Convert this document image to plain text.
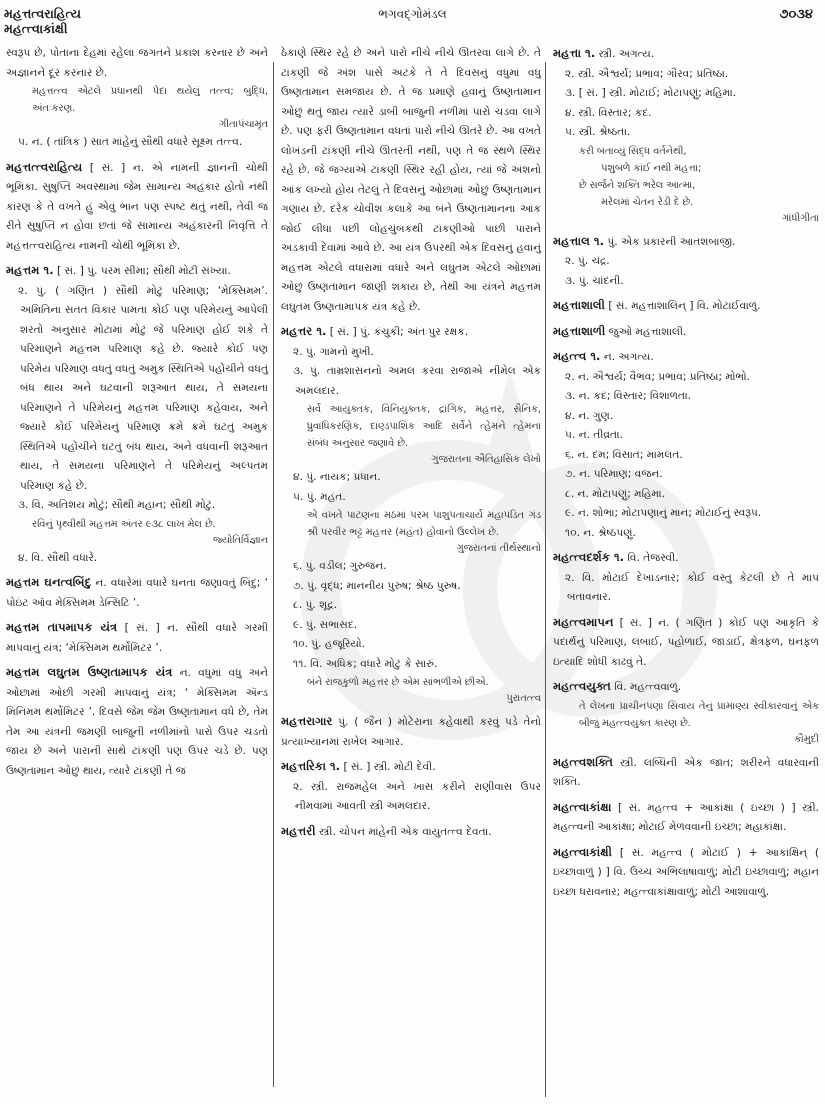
મહત્તત્વરાહિત્ય
મહત્ત્વાકાંક્ષી
ભગવદ્ગોમંડલ	૭૦૩૪
સ્વરૂપ છે, પોતાના દેહમાં રહેલા જગતને પ્રકાશ કરનાર છે અને અજ્ઞાનને દૂર કરનાર છે.
મહત્તત્ત્વ એટલે પ્રધાનથી પેદા થયેલું તત્ત્વ; બુદ્ધિ, અંતઃકરણ.
ગીતાપંચામૃત
૫. ન. ( તાંત્રિક ) સાત માંહેનું સૌથી વધારે સૂક્ષ્મ તત્ત્વ.
મહત્તત્ત્વરાહિત્ય [ સં. ] ન. એ નામની જ્ઞાનની ચોથી ભૂમિકા. સુષુપ્તિ અવસ્થામાં જેમ સામાન્ય અહંકાર હોતો નથી કારણ કે તે વખતે હું એવું ભાન પણ સ્પષ્ટ થતું નથી, તેવી જ રીતે સુષુપ્તિ ન હોવા છતાં જે સામાન્ય અહંકારની નિવૃત્તિ તે મહત્તત્ત્વરાહિત્ય નામની ચોથી ભૂમિકા છે.
મહત્તમ ૧. [ સં. ] પું. પરમ સીમા; સૌથી મોટી સંખ્યા.
૨. પું. ( ગણિત ) સૌથી મોટું પરિમાણ; ‘મેક્સિમમ’. અમિતિના સતત વિકાર પામતા કોઈ પણ પરિમેયનું આપેલી શરતો અનુસાર મોટામાં મોટું જે પરિમાણ હોઈ શકે તે પરિમાણને મહત્તમ પરિમાણ કહે છે. જ્યારે કોઈ પણ પરિમેય પરિમાણ વધતું વધતું અમુક સ્થિતિએ પહોંચીને વધતું બંધ થાય અને ઘટવાની શરૂઆત થાય, તે સમયના પરિમાણને તે પરિમેયનું મહત્તમ પરિમાણ કહેવાય, અને જ્યારે કોઈ પરિમેયનું પરિમાણ ક્રમે ક્રમે ઘટતું અમુક સ્થિતિએ પહોંચીને ઘટતું બંધ થાય, અને વધવાની શરૂઆત થાય, તે સમયના પરિમાણને તે પરિમેયનું અલ્પતમ પરિમાણ કહે છે.
૩. વિ. અતિશય મોટું; સૌથી મહાન; સૌથી મોટું.
રવિનું પૃથ્વીથી મહત્તમ અંતર ૯૩૮ લાખ મેલ છે.
જ્યોતિર્વિજ્ઞાન
૪. વિ. સૌથી વધારે.
મહત્તમ ઘનત્વબિંદુ ન. વધારેમાં વધારે ઘનતા જણાવતું બિંદુ; ‘ પોઇંટ ઑવ મેક્સિમમ ડેન્સિટિ ’.
મહત્તમ તાપમાપક યંત્ર [ સં. ] ન. સૌથી વધારે ગરમી માપવાનું યંત્ર; ‘મેક્સિમમ થર્મોમિટર ’.
મહત્તમ લઘુતમ ઉષ્ણતામાપક યંત્ર ન. વધુમાં વધુ અને ઓછામાં ઓછી ગરમી માપવાનું યંત્ર; ‘ મેક્સિમમ ઍન્ડ મિનિમમ થર્મોમિટર ’. દિવસે જેમ જેમ ઉષ્ણતામાન વધે છે, તેમ તેમ આ યંત્રની જમણી બાજુની નળીમાંનો પારો ઉપર ચડતો જાય છે અને પારાની સાથે ટાંકણી પણ ઉપર ચડે છે. પણ ઉષ્ણતામાન ઓછું થાય, ત્યારે ટાંકણી તે જ
ઠેકાણે સ્થિર રહે છે અને પારો નીચે નીચે ઊતરવા લાગે છે. તે ટાંકણી જે અંશ પાસે અટકે તે તે દિવસનું વધુમાં વધુ ઉષ્ણતામાન સમજાય છે. તે જ પ્રમાણે હવાનું ઉષ્ણતામાન ઓછું થતું જાય ત્યારે ડાબી બાજુની નળીમાં પારો ચડવા લાગે છે. પણ ફરી ઉષ્ણતામાન વધતાં પારો નીચે ઊતરે છે. આ વખતે લોખંડની ટાંકણી નીચે ઊતરતી નથી, પણ તે જ સ્થળે સ્થિર રહે છે. જે જગ્યાએ ટાંકણી સ્થિર રહી હોય, ત્યાં જે અંશનો આંક લખ્યો હોય તેટલું તે દિવસનું ઓછામાં ઓછું ઉષ્ણતામાન ગણાય છે. દરેક ચોવીશ કલાકે આ બંને ઉષ્ણતામાનના આંક જોઈ લીધા પછી લોહચુંબકથી ટાંકણીઓ પાછી પારાને અડકાવી દેવામાં આવે છે. આ યંત્ર ઉપરથી એક દિવસનું હવાનું મહત્તમ એટલે વધારામાં વધારે અને લઘુતમ એટલે ઓછામાં ઓછું ઉષ્ણતામાન જાણી શકાય છે, તેથી આ યંત્રને મહત્તમ લઘુતમ ઉષ્ણતામાપક યંત્ર કહે છે.
મહત્તર ૧. [ સં. ] પું. કંચુકી; અંતઃપુર રક્ષક.
૨. પું. ગામનો મુખી.
૩. પું. તામ્રશાસનનો અમલ કરવા રાજાએ નીમેલ એક અમલદાર.
સર્વ આયુક્તક, વિનિયુક્તક, દ્રાંગિક, મહત્તર, સૈનિક, ધ્રુવાધિકરણિક, દાણ્ડપાશિક આદિ સર્વેને ત્હેમને ત્હેમના સંબંધ અનુસાર જણાવે છે.
ગુજરાતના ઐતિહાસિક લેખો
૪. પું. નાયક; પ્રધાન.
૫. પું. મહંત.
એ વખતે પાટણના મઠમાં પરમ પાશુપતાચાર્ય મહાપંડિત ગંડ શ્રી પરવીર ભટ્ટ મહત્તર (મહંત) હોવાનો ઉલ્લેખ છે.
ગુજરાતનાં તીર્થસ્થાનો
૬. પું. વડીલ; ગુરુજન.
૭. પું. વૃદ્ધ; માનનીય પુરુષ; શ્રેષ્ઠ પુરુષ.
૮. પું. શૂદ્ર.
૯. પું. સભાસદ.
૧૦. પું. હજૂરિયો.
૧૧. વિ. અધિક; વધારે મોટું કે સારું.
બંને રાજકુળો મહત્તર છે એમ સાંભળીએ છીએ.
પુરાતત્ત્વ
મહત્તરાગાર પું. ( જૈન ) મોટેરાના કહેવાથી કરવું પડે તેનો પ્રત્યાખ્યાનમાં રાખેલ આગાર.
મહત્તરિકા ૧. [ સં. ] સ્ત્રી. મોટી દેવી.
૨. સ્ત્રી. રાજમહેલ અને ખાસ કરીને રાણીવાસ ઉપર નીમવામાં આવતી સ્ત્રી અમલદાર.
મહત્તરી સ્ત્રી. ચોપન માંહેની એક વાયુતત્ત્વ દેવતા.
મહત્તા ૧. સ્ત્રી. અગત્ય.
૨. સ્ત્રી. ઐશ્વર્ય; પ્રભાવ; ગૌરવ; પ્રતિષ્ઠા.
૩. [ સં. ] સ્ત્રી. મોટાઈ; મોટાપણું; મહિમા.
૪. સ્ત્રી. વિસ્તાર; કદ.
૫. સ્ત્રી. શ્રેષ્ઠતા.
કરી બતાવ્યું સિદ્ધ વર્તનેથી,
પશુબળે કાંઈ નથી મહત્તા;
છે સર્જને શક્તિ ભરેલ આત્મા,
મરેલમાં ચેતન રેડી દે છે.
ગાંધીગીતા
મહત્તાલ ૧. પું. એક પ્રકારની આતશબાજી.
૨. પું. ચંદ્ર.
૩. પું. ચાંદની.
મહત્તાશાલી [ સં. મહત્તાશાલિન્ ] વિ. મોટાઈવાળું.
મહત્તાશાળી જુઓ મહત્તાશાલી.
મહત્ત્વ ૧. ન. અગત્ય.
૨. ન. ઐશ્વર્ય; વૈભવ; પ્રભાવ; પ્રતિષ્ઠા; મોભો.
૩. ન. કદ; વિસ્તાર; વિશાળતા.
૪. ન. ગુણ.
૫. ન. તીવ્રતા.
૬. ન. દમ; વિસાત; મામલત.
૭. ન. પરિમાણ; વજન.
૮. ન. મોટાપણું; મહિમા.
૯. ન. શોભા; મોટાપણાનું માન; મોટાઈનું સ્વરૂપ.
૧૦. ન. શ્રેષ્ઠપણું.
મહત્ત્વદર્શક ૧. વિ. તેજસ્વી.
૨. વિ. મોટાઈ દેખાડનાર; કોઈ વસ્તુ કેટલી છે તે માપ બતાવનાર.
મહત્ત્વમાપન [ સં. ] ન. ( ગણિત ) કોઈ પણ આકૃતિ કે પદાર્થનું પરિમાણ, લંબાઈ, પહોળાઈ, જાડાઈ, ક્ષેત્રફળ, ઘનફળ ઇત્યાદિ શોધી કાઢવું તે.
મહત્ત્વયુક્ત વિ. મહત્ત્વવાળું.
તે લેખના પ્રાચીનપણા સિવાય તેનું પ્રામાણ્ય સ્વીકારવાનું એક બીજું મહત્ત્વયુક્ત કારણ છે.
કૌમુદી
મહત્ત્વશક્તિ સ્ત્રી. લબ્ધિની એક જાત; શરીરને વધારવાની શક્તિ.
મહત્ત્વાકાંક્ષા [ સં. મહત્ત્વ + આકાંક્ષા ( ઇચ્છા ) ] સ્ત્રી. મહત્ત્વની આકાંક્ષા; મોટાઈ મેળવવાની ઇચ્છા; મહાકાંક્ષા.
મહત્ત્વાકાંક્ષી [ સં. મહત્ત્વ ( મોટાઈ ) + આકાંક્ષિન્ ( ઇચ્છાવાળું ) ] વિ. ઉચ્ચ અભિલાષાવાળું; મોટી ઇચ્છાવાળું; મહાન ઇચ્છા ધરાવનાર; મહત્ત્વાકાંક્ષાવાળું; મોટી આશાવાળું.
